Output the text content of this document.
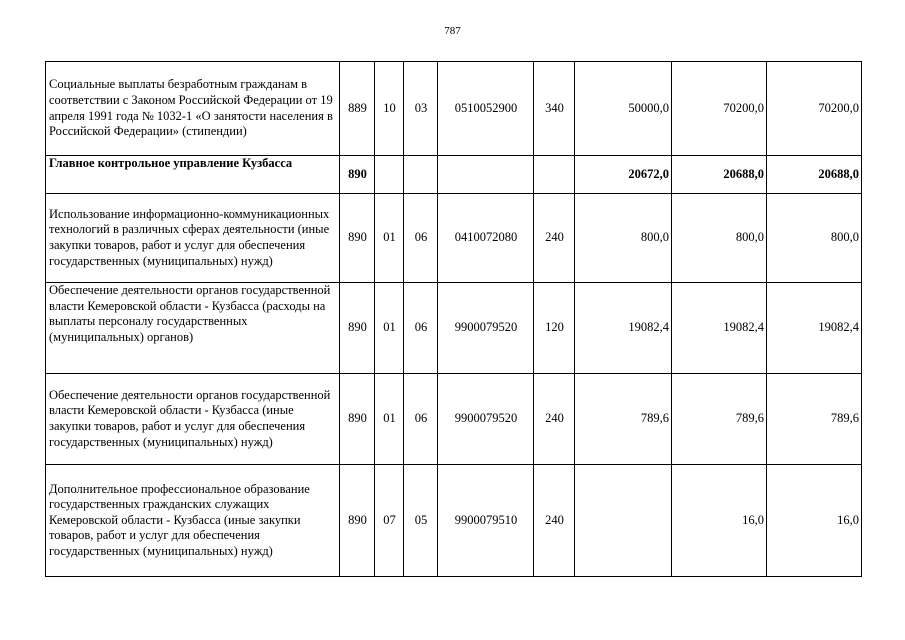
787
Социальные выплаты безработным гражданам в соответствии с Законом Российской Федерации от 19 апреля 1991 года № 1032-1 «О занятости населения в Российской Федерации» (стипендии)	889	10	03	0510052900	340	50000,0	70200,0	70200,0
Главное контрольное управление Кузбасса	890					20672,0	20688,0	20688,0
Использование информационно-коммуникационных технологий в различных сферах деятельности (иные закупки товаров, работ и услуг для обеспечения государственных (муниципальных) нужд)	890	01	06	0410072080	240	800,0	800,0	800,0
Обеспечение деятельности органов государственной власти Кемеровской области - Кузбасса (расходы на выплаты персоналу государственных (муниципальных) органов)	890	01	06	9900079520	120	19082,4	19082,4	19082,4
Обеспечение деятельности органов государственной власти Кемеровской области - Кузбасса (иные закупки товаров, работ и услуг для обеспечения государственных (муниципальных) нужд)	890	01	06	9900079520	240	789,6	789,6	789,6
Дополнительное профессиональное образование государственных гражданских служащих Кемеровской области - Кузбасса (иные закупки товаров, работ и услуг для обеспечения государственных (муниципальных) нужд)	890	07	05	9900079510	240		16,0	16,0
